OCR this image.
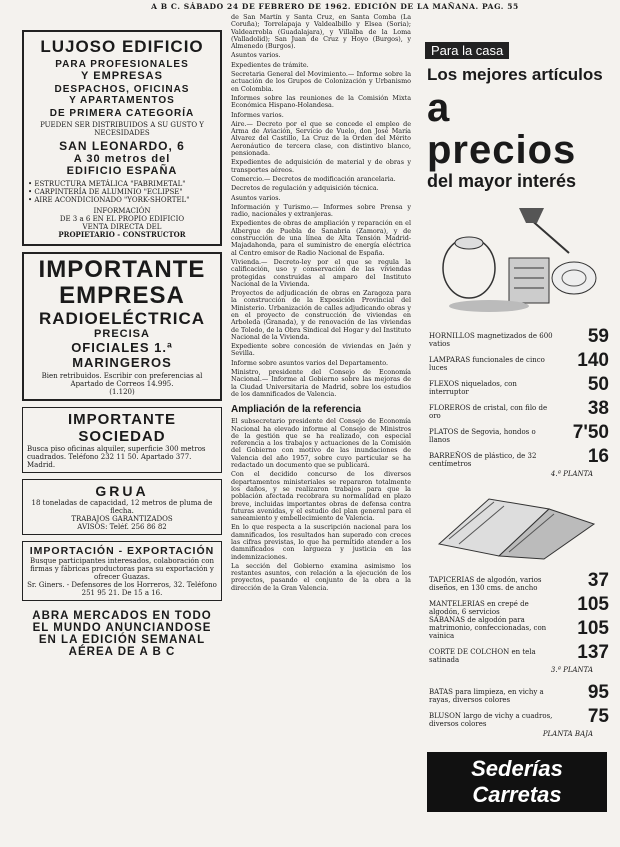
A B C. SÁBADO 24 DE FEBRERO DE 1962. EDICIÓN DE LA MAÑANA. PAG. 55
LUJOSO EDIFICIO
PARA PROFESIONALES
Y EMPRESAS
DESPACHOS, OFICINAS
Y APARTAMENTOS
DE PRIMERA CATEGORÍA
PUEDEN SER DISTRIBUIDOS A SU GUSTO Y NECESIDADES
SAN LEONARDO, 6
A 30 metros del
EDIFICIO ESPAÑA
• ESTRUCTURA METÁLICA "FABRIMETAL"
• CARPINTERÍA DE ALUMINIO "ECLIPSE"
• AIRE ACONDICIONADO "YORK-SHORTEL"
INFORMACIÓN
DE 3 a 6 EN EL PROPIO EDIFICIO
VENTA DIRECTA DEL
PROPIETARIO - CONSTRUCTOR
IMPORTANTE
EMPRESA
RADIOELÉCTRICA
PRECISA
OFICIALES 1.ª MARINGEROS
Bien retribuidos. Escribir con preferencias al Apartado de Correos 14.995.
(1.120)
IMPORTANTE SOCIEDAD
Busca piso oficinas alquiler, superficie 300 metros cuadrados. Teléfono 232 11 50. Apartado 377. Madrid.
GRUA
18 toneladas de capacidad, 12 metros de pluma de flecha.
TRABAJOS GARANTIZADOS
AVISOS: Teléf. 256 86 82
IMPORTACIÓN - EXPORTACIÓN
Busque participantes interesados, colaboración con firmas y fábricas productoras para su exportación y ofrecer Guazas.
Sr. Giners. - Defensores de los Horreros, 32. Teléfono 251 95 21. De 15 a 16.
ABRA MERCADOS EN TODO
EL MUNDO ANUNCIANDOSE
EN LA EDICIÓN SEMANAL
AÉREA DE A B C

de San Martín y Santa Cruz, en Santa Comba (La Coruña); Torrelapaja y Valdealbillo y Elsea (Soria); Valdearrobla (Guadalajara), y Villalba de la Loma (Valladolid); San Juan de Cruz y Hoyo (Burgos), y Almenedo (Burgos).

Asuntos varios.

Expedientes de trámite.

Secretaria General del Movimiento.— Informe sobre la actuación de los Grupos de Colonización y Urbanismo en Colombia.

Informes sobre las reuniones de la Comisión Mixta Económica Hispano-Holandesa.

Informes varios.

Aire.— Decreto por el que se concede el empleo de Arma de Aviación, Servicio de Vuelo, don José María Alvarez del Castillo, La Cruz de la Orden del Mérito Aeronáutico de tercera clase, con distintivo blanco, pensionada.

Expedientes de adquisición de material y de obras y transportes aéreos.

Comercio.— Decretos de modificación arancelaria.

Decretos de regulación y adquisición técnica.

Asuntos varios.

Información y Turismo.— Informes sobre Prensa y radio, nacionales y extranjeras.

Expedientes de obras de ampliación y reparación en el Albergue de Puebla de Sanabria (Zamora), y de construcción de una línea de Alta Tensión Madrid-Majadahonda, para el suministro de energía eléctrica al Centro emisor de Radio Nacional de España.

Vivienda.— Decreto-ley por el que se regula la calificación, uso y conservación de las viviendas protegidas construidas al amparo del Instituto Nacional de la Vivienda.

Proyectos de adjudicación de obras en Zaragoza para la construcción de la Exposición Provincial del Ministerio. Urbanización de calles adjudicando obras y en el proyecto de construcción de viviendas en Arboleda (Granada), y de renovación de las viviendas de Toledo, de la Obra Sindical del Hogar y del Instituto Nacional de la Vivienda.

Expediente sobre concesión de viviendas en Jaén y Sevilla.

Informe sobre asuntos varios del Departamento.

Ministro, presidente del Consejo de Economía Nacional.— Informe al Gobierno sobre las mejoras de la Ciudad Universitaria de Madrid, sobre los estudios de los damnificados de Valencia.

Ampliación de la referencia

El subsecretario presidente del Consejo de Economía Nacional ha elevado informe al Consejo de Ministros de la gestión que se ha realizado, con especial referencia a los trabajos y actuaciones de la Comisión del Gobierno con motivo de las inundaciones de Valencia del año 1957, sobre cuyo particular se ha redactado un documento que se publicará.

Con el decidido concurso de los diversos departamentos ministeriales se repararon totalmente los daños, y se realizaron trabajos para que la población afectada recobrara su normalidad en plazo breve, incluidas importantes obras de defensa contra futuras avenidas, y el estudio del plan general para el saneamiento y embellecimiento de Valencia.

En lo que respecta a la suscripción nacional para los damnificados, los resultados han superado con creces las cifras previstas, lo que ha permitido atender a los damnificados con largueza y justicia en las indemnizaciones.

La sección del Gobierno examina asimismo los restantes asuntos, con relación a la ejecución de los proyectos, pasando el conjunto de la obra a la dirección de la Gran Valencia.

Para la casa
Los mejores artículos
a precios
del mayor interés
HORNILLOS magnetizados de 600 vatios	59
LAMPARAS funcionales de cinco luces	140
FLEXOS niquelados, con interruptor	50
FLOREROS de cristal, con filo de oro	38
PLATOS de Segovia, hondos o llanos	7'50
BARREÑOS de plástico, de 32 centímetros	16
4.ª PLANTA
TAPICERIAS de algodón, varios diseños, en 130 cms. de ancho	37
MANTELERIAS en crepé de algodón, 6 servicios	105
SABANAS de algodón para matrimonio, confeccionadas, con vainica	105
CORTE DE COLCHON en tela satinada	137
3.ª PLANTA
BATAS para limpieza, en vichy a rayas, diversos colores	95
BLUSON largo de vichy a cuadros, diversos colores	75
PLANTA BAJA
Sederías Carretas
